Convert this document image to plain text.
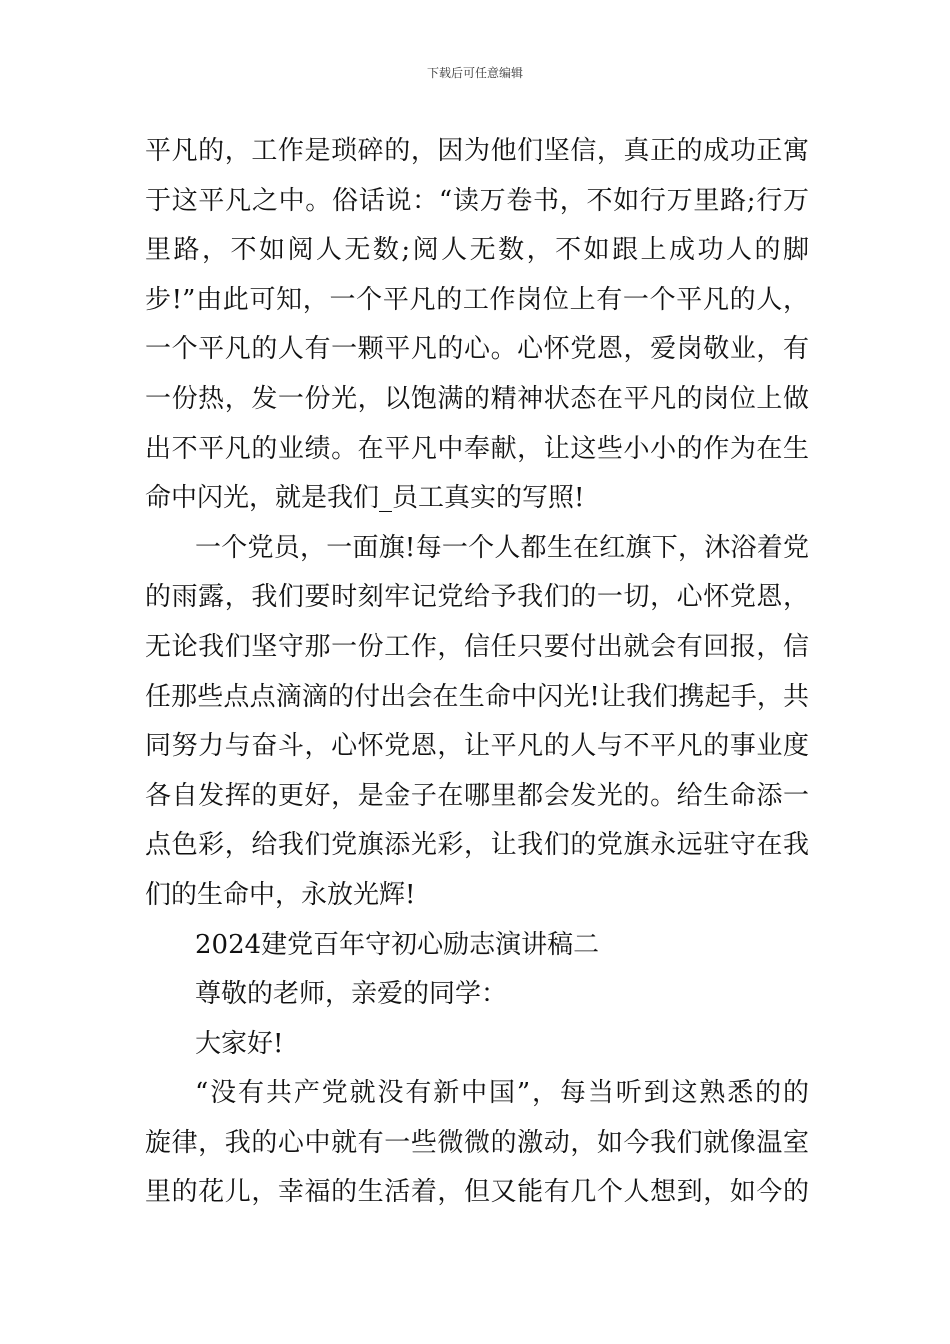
下载后可任意编辑
平凡的，工作是琐碎的，因为他们坚信，真正的成功正寓
于这平凡之中。俗话说：“读万卷书，不如行万里路;行万
里路，不如阅人无数;阅人无数，不如跟上成功人的脚
步!”由此可知，一个平凡的工作岗位上有一个平凡的人，
一个平凡的人有一颗平凡的心。心怀党恩，爱岗敬业，有
一份热，发一份光，以饱满的精神状态在平凡的岗位上做
出不平凡的业绩。在平凡中奉献，让这些小小的作为在生
命中闪光，就是我们_员工真实的写照!
一个党员，一面旗!每一个人都生在红旗下，沐浴着党
的雨露，我们要时刻牢记党给予我们的一切，心怀党恩，
无论我们坚守那一份工作，信任只要付出就会有回报，信
任那些点点滴滴的付出会在生命中闪光!让我们携起手，共
同努力与奋斗，心怀党恩，让平凡的人与不平凡的事业度
各自发挥的更好，是金子在哪里都会发光的。给生命添一
点色彩，给我们党旗添光彩，让我们的党旗永远驻守在我
们的生命中，永放光辉!
2024建党百年守初心励志演讲稿二
尊敬的老师，亲爱的同学：
大家好!
“没有共产党就没有新中国”，每当听到这熟悉的的
旋律，我的心中就有一些微微的激动，如今我们就像温室
里的花儿，幸福的生活着，但又能有几个人想到，如今的
